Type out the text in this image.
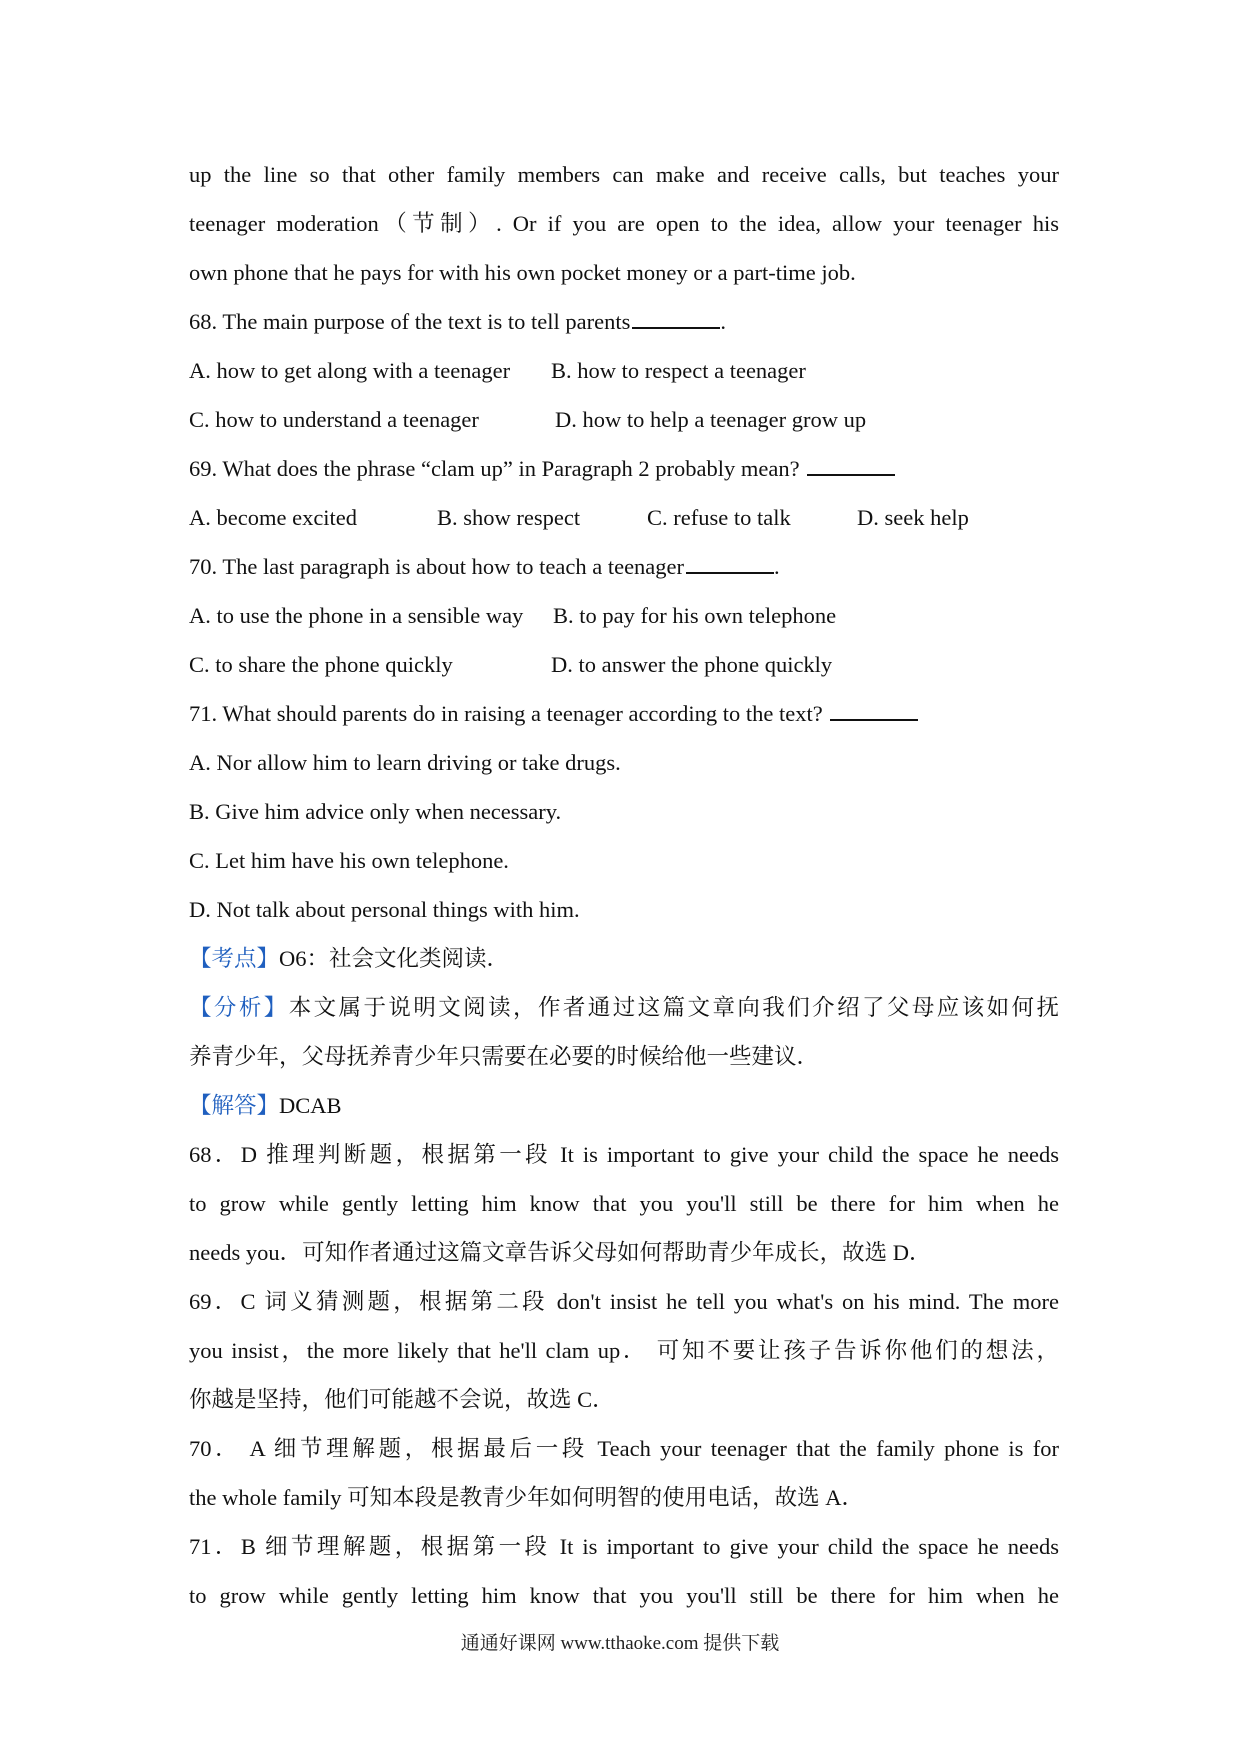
up the line so that other family members can make and receive calls, but teaches your
teenager moderation（节制）. Or if you are open to the idea, allow your teenager his
own phone that he pays for with his own pocket money or a part-time job.
68. The main purpose of the text is to tell parents	.
A. how to get along with a teenager B. how to respect a teenager
C. how to understand a teenager	D. how to help a teenager grow up
69. What does the phrase “clam up” in Paragraph 2 probably mean?
A. become excited	B. show respect	C. refuse to talk	D. seek help
70. The last paragraph is about how to teach a teenager	.
A. to use the phone in a sensible way B. to pay for his own telephone
C. to share the phone quickly	D. to answer the phone quickly
71. What should parents do in raising a teenager according to the text?
A. Nor allow him to learn driving or take drugs.
B. Give him advice only when necessary.
C. Let him have his own telephone.
D. Not talk about personal things with him.
【考点】O6：社会文化类阅读．
【分析】本文属于说明文阅读，作者通过这篇文章向我们介绍了父母应该如何抚
养青少年，父母抚养青少年只需要在必要的时候给他一些建议．
【解答】DCAB
68．D 推理判断题，根据第一段 It is important to give your child the space he needs
to grow while gently letting him know that you you'll still be there for him when he
needs you．可知作者通过这篇文章告诉父母如何帮助青少年成长，故选 D．
69．C 词义猜测题，根据第二段 don't insist he tell you what's on his mind. The more
you insist，the more likely that he'll clam up． 可知不要让孩子告诉你他们的想法，
你越是坚持，他们可能越不会说，故选 C．
70． A 细节理解题，根据最后一段 Teach your teenager that the family phone is for
the whole family 可知本段是教青少年如何明智的使用电话，故选 A．
71．B 细节理解题，根据第一段 It is important to give your child the space he needs
to grow while gently letting him know that you you'll still be there for him when he
通通好课网 www.tthaoke.com 提供下载
